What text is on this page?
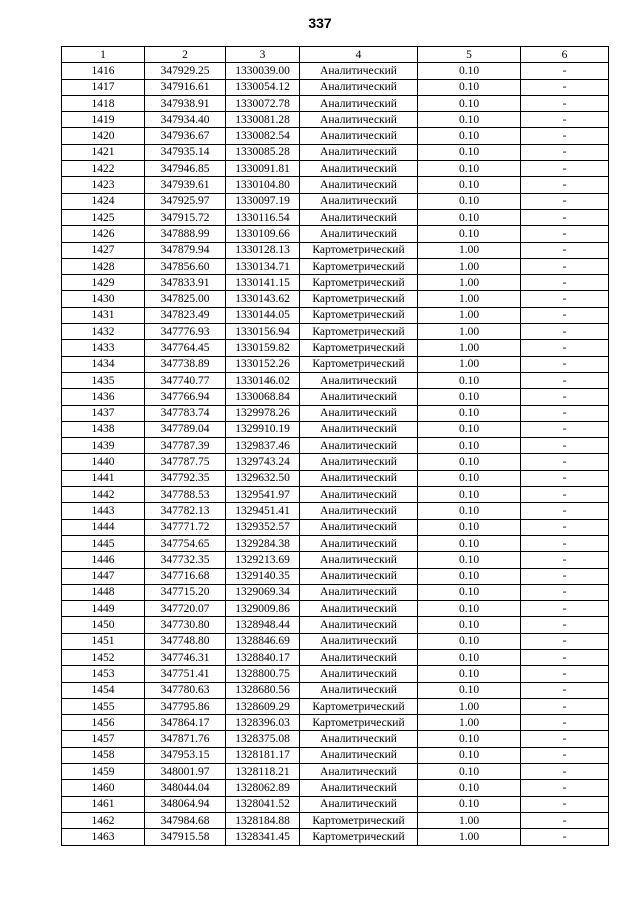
337
1	2	3	4	5	6
1416	347929.25	1330039.00	Аналитический	0.10	-
1417	347916.61	1330054.12	Аналитический	0.10	-
1418	347938.91	1330072.78	Аналитический	0.10	-
1419	347934.40	1330081.28	Аналитический	0.10	-
1420	347936.67	1330082.54	Аналитический	0.10	-
1421	347935.14	1330085.28	Аналитический	0.10	-
1422	347946.85	1330091.81	Аналитический	0.10	-
1423	347939.61	1330104.80	Аналитический	0.10	-
1424	347925.97	1330097.19	Аналитический	0.10	-
1425	347915.72	1330116.54	Аналитический	0.10	-
1426	347888.99	1330109.66	Аналитический	0.10	-
1427	347879.94	1330128.13	Картометрический	1.00	-
1428	347856.60	1330134.71	Картометрический	1.00	-
1429	347833.91	1330141.15	Картометрический	1.00	-
1430	347825.00	1330143.62	Картометрический	1.00	-
1431	347823.49	1330144.05	Картометрический	1.00	-
1432	347776.93	1330156.94	Картометрический	1.00	-
1433	347764.45	1330159.82	Картометрический	1.00	-
1434	347738.89	1330152.26	Картометрический	1.00	-
1435	347740.77	1330146.02	Аналитический	0.10	-
1436	347766.94	1330068.84	Аналитический	0.10	-
1437	347783.74	1329978.26	Аналитический	0.10	-
1438	347789.04	1329910.19	Аналитический	0.10	-
1439	347787.39	1329837.46	Аналитический	0.10	-
1440	347787.75	1329743.24	Аналитический	0.10	-
1441	347792.35	1329632.50	Аналитический	0.10	-
1442	347788.53	1329541.97	Аналитический	0.10	-
1443	347782.13	1329451.41	Аналитический	0.10	-
1444	347771.72	1329352.57	Аналитический	0.10	-
1445	347754.65	1329284.38	Аналитический	0.10	-
1446	347732.35	1329213.69	Аналитический	0.10	-
1447	347716.68	1329140.35	Аналитический	0.10	-
1448	347715.20	1329069.34	Аналитический	0.10	-
1449	347720.07	1329009.86	Аналитический	0.10	-
1450	347730.80	1328948.44	Аналитический	0.10	-
1451	347748.80	1328846.69	Аналитический	0.10	-
1452	347746.31	1328840.17	Аналитический	0.10	-
1453	347751.41	1328800.75	Аналитический	0.10	-
1454	347780.63	1328680.56	Аналитический	0.10	-
1455	347795.86	1328609.29	Картометрический	1.00	-
1456	347864.17	1328396.03	Картометрический	1.00	-
1457	347871.76	1328375.08	Аналитический	0.10	-
1458	347953.15	1328181.17	Аналитический	0.10	-
1459	348001.97	1328118.21	Аналитический	0.10	-
1460	348044.04	1328062.89	Аналитический	0.10	-
1461	348064.94	1328041.52	Аналитический	0.10	-
1462	347984.68	1328184.88	Картометрический	1.00	-
1463	347915.58	1328341.45	Картометрический	1.00	-
